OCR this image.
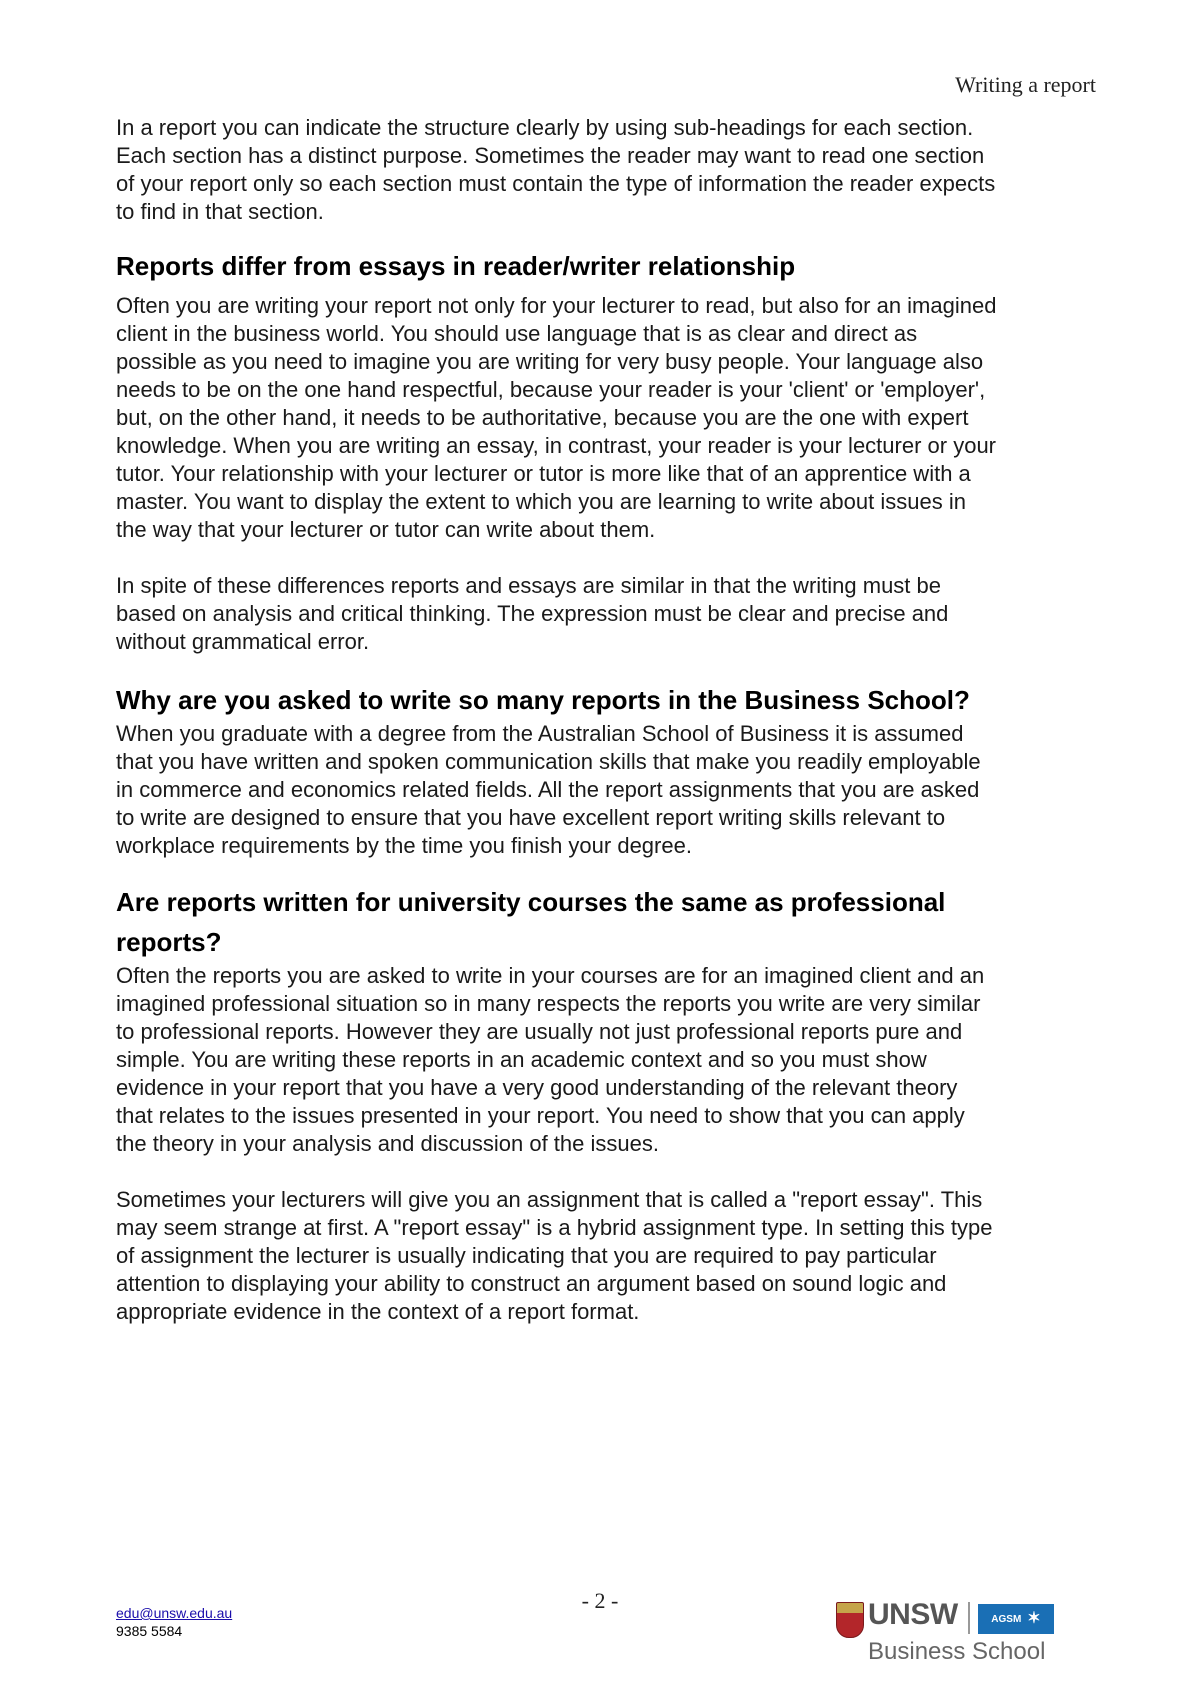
Writing a report

In a report you can indicate the structure clearly by using sub-headings for each section.
Each section has a distinct purpose. Sometimes the reader may want to read one section
of your report only so each section must contain the type of information the reader expects
to find in that section.

Reports differ from essays in reader/writer relationship

Often you are writing your report not only for your lecturer to read, but also for an imagined
client in the business world. You should use language that is as clear and direct as
possible as you need to imagine you are writing for very busy people. Your language also
needs to be on the one hand respectful, because your reader is your 'client' or 'employer',
but, on the other hand, it needs to be authoritative, because you are the one with expert
knowledge. When you are writing an essay, in contrast, your reader is your lecturer or your
tutor. Your relationship with your lecturer or tutor is more like that of an apprentice with a
master. You want to display the extent to which you are learning to write about issues in
the way that your lecturer or tutor can write about them.

In spite of these differences reports and essays are similar in that the writing must be
based on analysis and critical thinking. The expression must be clear and precise and
without grammatical error.

Why are you asked to write so many reports in the Business School?

When you graduate with a degree from the Australian School of Business it is assumed
that you have written and spoken communication skills that make you readily employable
in commerce and economics related fields. All the report assignments that you are asked
to write are designed to ensure that you have excellent report writing skills relevant to
workplace requirements by the time you finish your degree.

Are reports written for university courses the same as professional
reports?

Often the reports you are asked to write in your courses are for an imagined client and an
imagined professional situation so in many respects the reports you write are very similar
to professional reports. However they are usually not just professional reports pure and
simple. You are writing these reports in an academic context and so you must show
evidence in your report that you have a very good understanding of the relevant theory
that relates to the issues presented in your report. You need to show that you can apply
the theory in your analysis and discussion of the issues.

Sometimes your lecturers will give you an assignment that is called a "report essay". This
may seem strange at first. A "report essay" is a hybrid assignment type. In setting this type
of assignment the lecturer is usually indicating that you are required to pay particular
attention to displaying your ability to construct an argument based on sound logic and
appropriate evidence in the context of a report format.

- 2 -
edu@unsw.edu.au
9385 5584	UNSW	AGSM ✶
Business School
